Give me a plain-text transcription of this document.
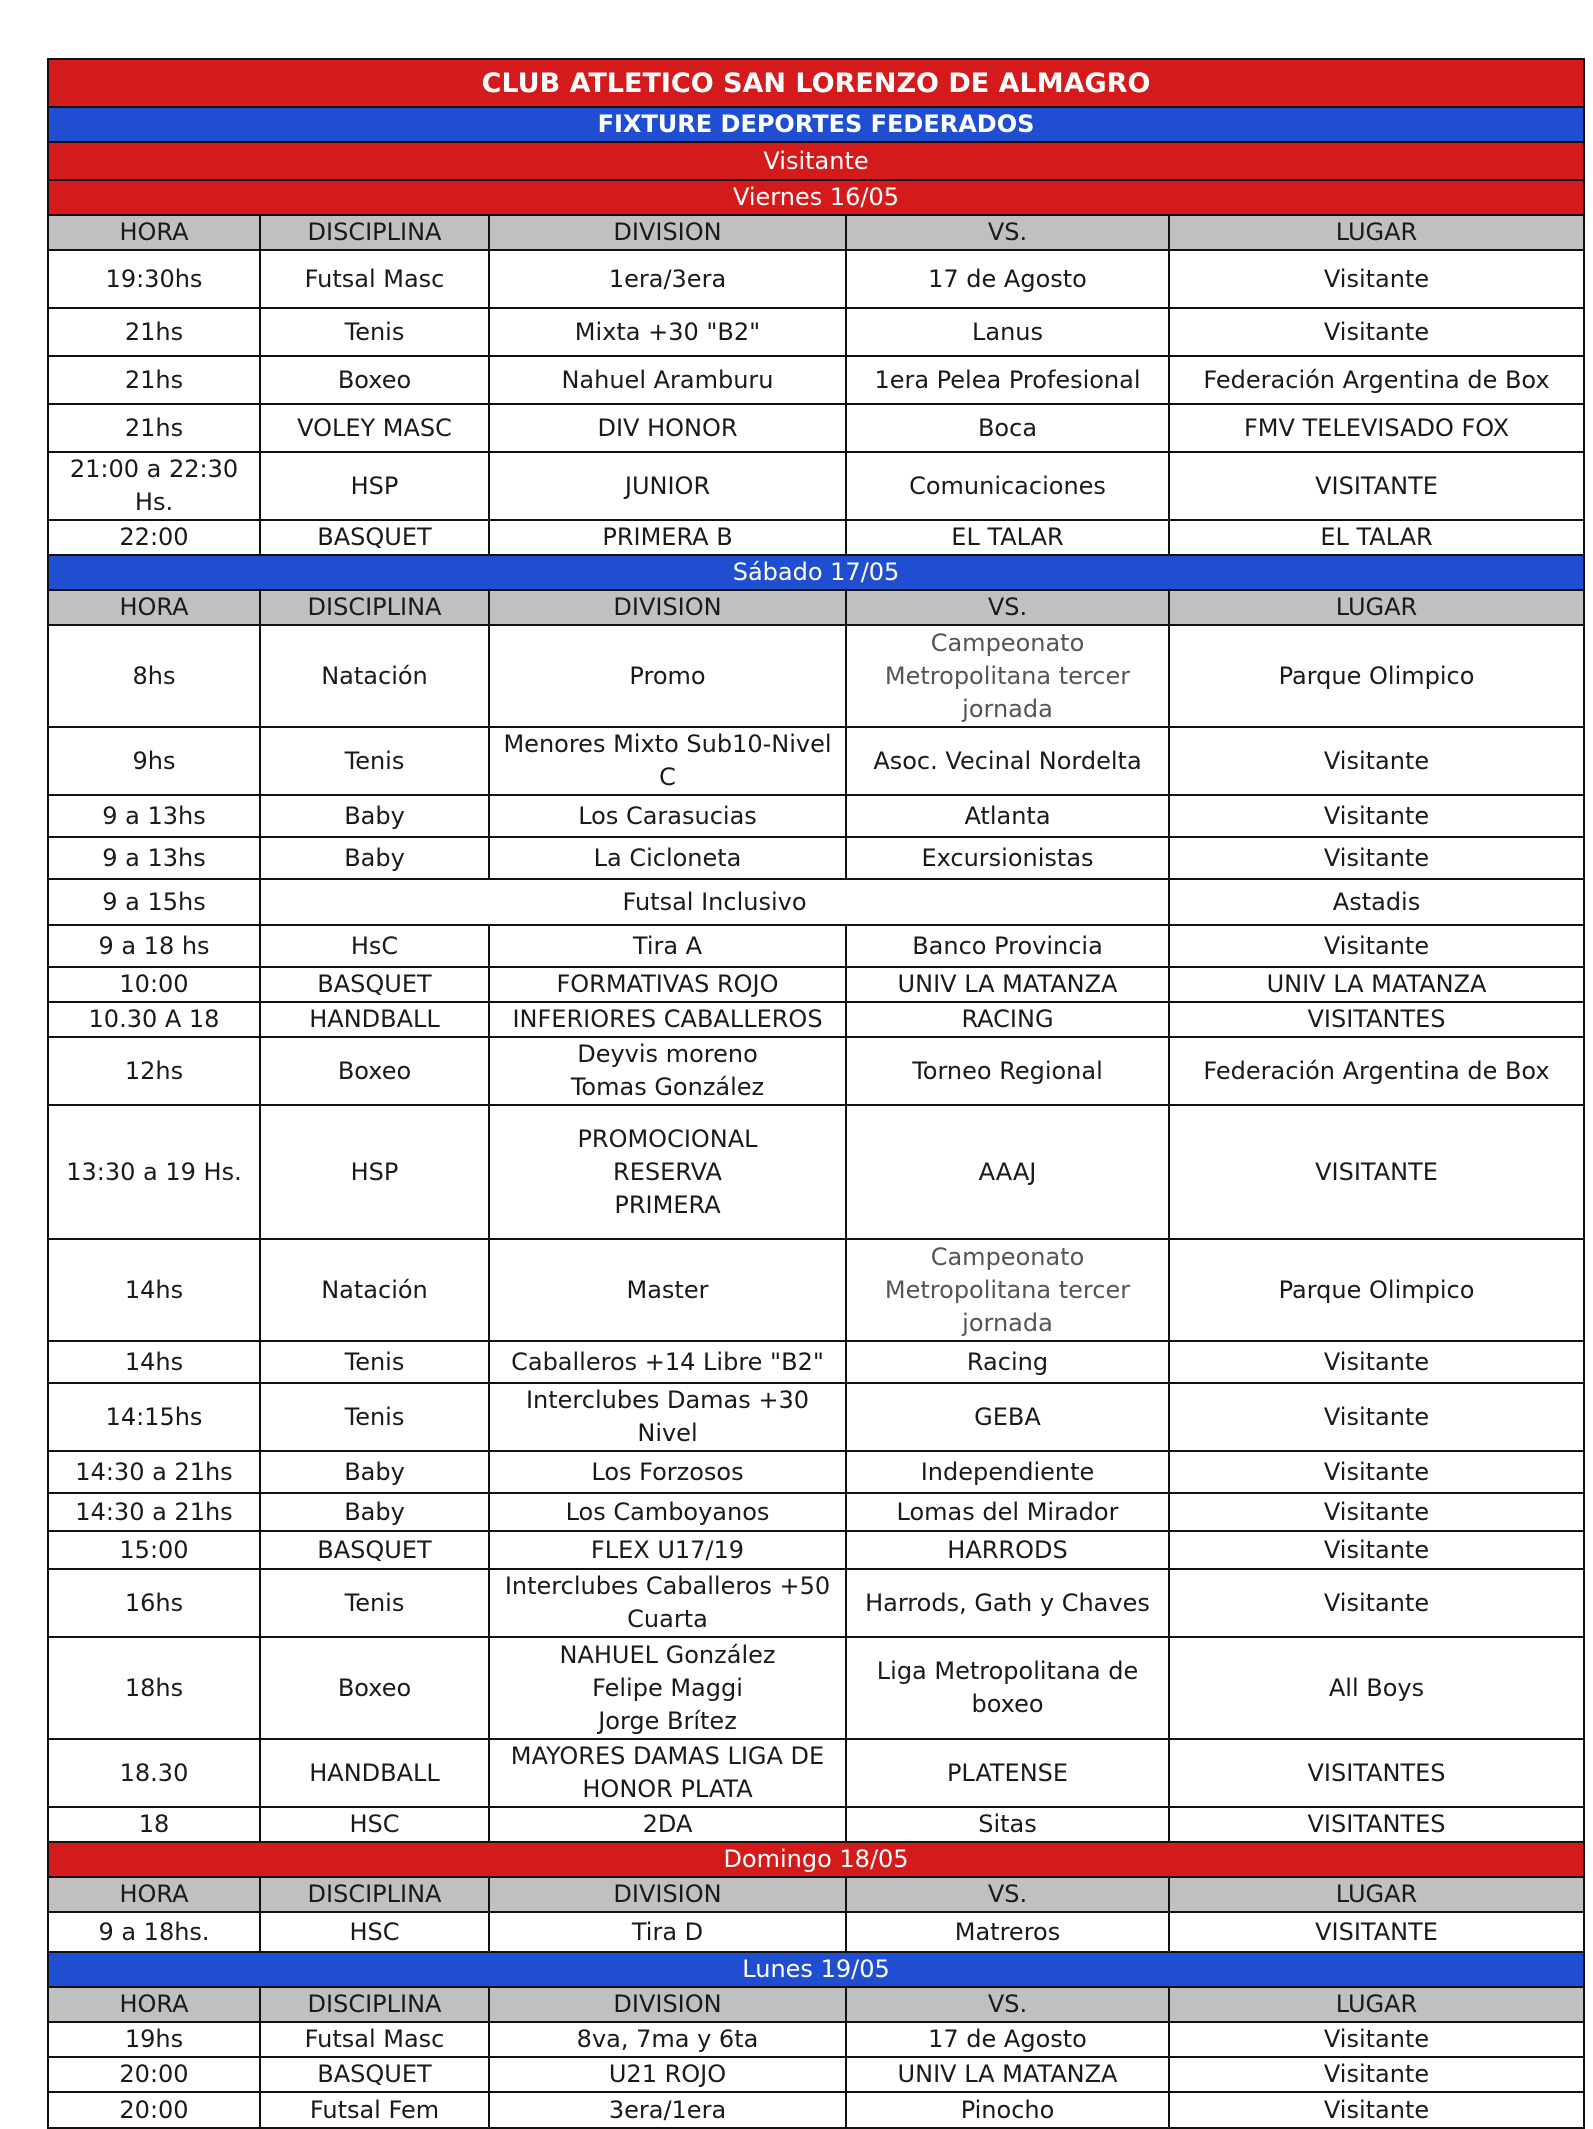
CLUB ATLETICO SAN LORENZO DE ALMAGRO				
FIXTURE DEPORTES FEDERADOS				
Visitante				
Viernes 16/05				
HORA	DISCIPLINA	DIVISION	VS.	LUGAR
19:30hs	Futsal Masc	1era/3era	17 de Agosto	Visitante
21hs	Tenis	Mixta +30 "B2"	Lanus	Visitante
21hs	Boxeo	Nahuel Aramburu	1era Pelea Profesional	Federación Argentina de Box
21hs	VOLEY MASC	DIV HONOR	Boca	FMV TELEVISADO FOX
21:00 a 22:30 Hs.	HSP	JUNIOR	Comunicaciones	VISITANTE
22:00	BASQUET	PRIMERA B	EL TALAR	EL TALAR
Sábado 17/05				
HORA	DISCIPLINA	DIVISION	VS.	LUGAR
8hs	Natación	Promo	Campeonato
Metropolitana tercer
jornada	Parque Olimpico
9hs	Tenis	Menores Mixto Sub10-Nivel C	Asoc. Vecinal Nordelta	Visitante
9 a 13hs	Baby	Los Carasucias	Atlanta	Visitante
9 a 13hs	Baby	La Cicloneta	Excursionistas	Visitante
9 a 15hs	Futsal Inclusivo			Astadis
9 a 18 hs	HsC	Tira A	Banco Provincia	Visitante
10:00	BASQUET	FORMATIVAS ROJO	UNIV LA MATANZA	UNIV LA MATANZA
10.30 A 18	HANDBALL	INFERIORES CABALLEROS	RACING	VISITANTES
12hs	Boxeo	Deyvis moreno
Tomas González	Torneo Regional	Federación Argentina de Box
13:30 a 19 Hs.	HSP	PROMOCIONAL
RESERVA
PRIMERA	AAAJ	VISITANTE
14hs	Natación	Master	Campeonato
Metropolitana tercer
jornada	Parque Olimpico
14hs	Tenis	Caballeros +14 Libre "B2"	Racing	Visitante
14:15hs	Tenis	Interclubes Damas +30 Nivel	GEBA	Visitante
14:30 a 21hs	Baby	Los Forzosos	Independiente	Visitante
14:30 a 21hs	Baby	Los Camboyanos	Lomas del Mirador	Visitante
15:00	BASQUET	FLEX U17/19	HARRODS	Visitante
16hs	Tenis	Interclubes Caballeros +50
Cuarta	Harrods, Gath y Chaves	Visitante
18hs	Boxeo	NAHUEL González
Felipe Maggi
Jorge Brítez	Liga Metropolitana de
boxeo	All Boys
18.30	HANDBALL	MAYORES DAMAS LIGA DE
HONOR PLATA	PLATENSE	VISITANTES
18	HSC	2DA	Sitas	VISITANTES
Domingo 18/05				
HORA	DISCIPLINA	DIVISION	VS.	LUGAR
9 a 18hs.	HSC	Tira D	Matreros	VISITANTE
Lunes 19/05				
HORA	DISCIPLINA	DIVISION	VS.	LUGAR
19hs	Futsal Masc	8va, 7ma y 6ta	17 de Agosto	Visitante
20:00	BASQUET	U21 ROJO	UNIV LA MATANZA	Visitante
20:00	Futsal Fem	3era/1era	Pinocho	Visitante
